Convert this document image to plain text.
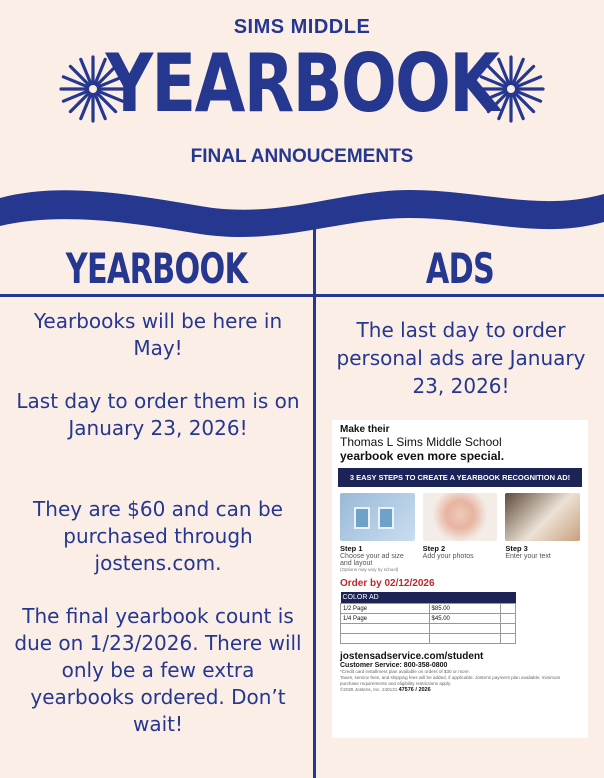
SIMS MIDDLE
YEARBOOK
FINAL ANNOUCEMENTS
YEARBOOK	ADS
Yearbooks will be here in May!
Last day to order them is on January 23, 2026!
They are $60 and can be purchased through jostens.com.
The final yearbook count is due on 1/23/2026. There will only be a few extra yearbooks ordered. Don’t wait!
The last day to order personal ads are January 23, 2026!
Make their
Thomas L Sims Middle School
yearbook even more special.
3 EASY STEPS TO CREATE A YEARBOOK RECOGNITION AD!
Step 1
Choose your ad size and layout
(Options may vary by school)
Step 2
Add your photos
Step 3
Enter your text
Order by 02/12/2026
COLOR AD		
1/2 Page	$85.00	
1/4 Page	$45.00	

jostensadservice.com/student
Customer Service: 800-358-0800
*Credit card installment plan available on orders of $30 or more.
Taxes, service fees, and shipping fees will be added, if applicable. Jostens payment plan available; minimum purchase requirements and eligibility restrictions apply.
©2025 Jostens, Inc. 240131 47576 / 2026
